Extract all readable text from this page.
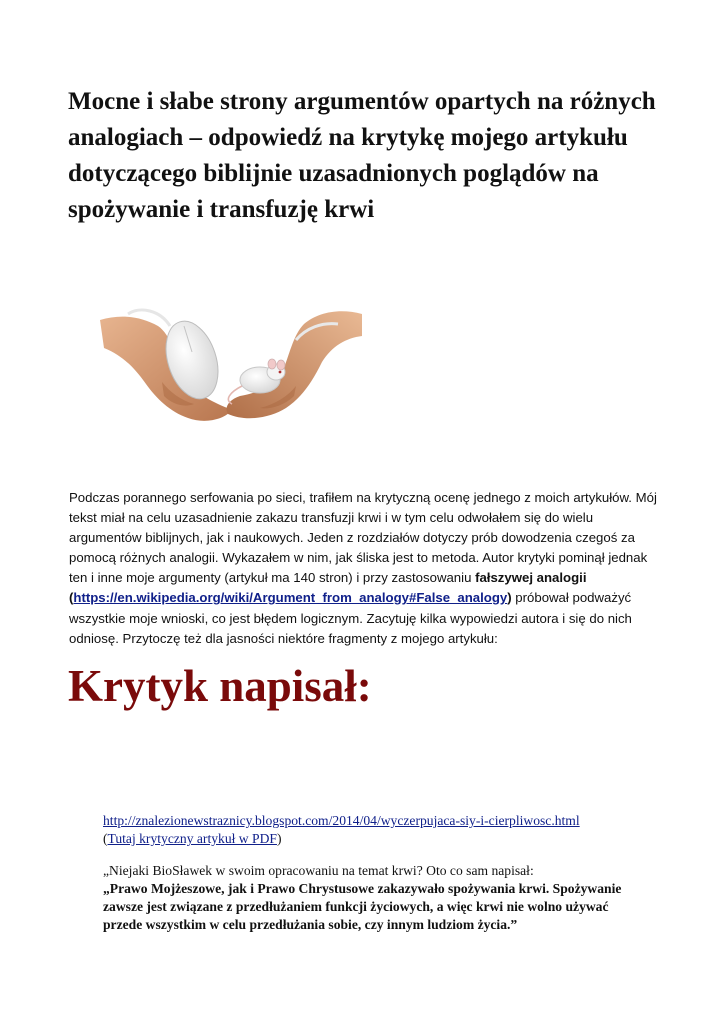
Mocne i słabe strony argumentów opartych na różnych analogiach – odpowiedź na krytykę mojego artykułu dotyczącego biblijnie uzasadnionych poglądów na spożywanie i transfuzję krwi

Podczas porannego serfowania po sieci, trafiłem na krytyczną ocenę jednego z moich artykułów. Mój tekst miał na celu uzasadnienie zakazu transfuzji krwi i w tym celu odwołałem się do wielu argumentów biblijnych, jak i naukowych. Jeden z rozdziałów dotyczy prób dowodzenia czegoś za pomocą różnych analogii. Wykazałem w nim, jak śliska jest to metoda. Autor krytyki pominął jednak ten i inne moje argumenty (artykuł ma 140 stron) i przy zastosowaniu fałszywej analogii (https://en.wikipedia.org/wiki/Argument_from_analogy#False_analogy) próbował podważyć wszystkie moje wnioski, co jest błędem logicznym. Zacytuję kilka wypowiedzi autora i się do nich odniosę. Przytoczę też dla jasności niektóre fragmenty z mojego artykułu:

Krytyk napisał:
http://znalezionewstraznicy.blogspot.com/2014/04/wyczerpujaca-siy-i-cierpliwosc.html
(Tutaj krytyczny artykuł w PDF)

„Niejaki BioSławek w swoim opracowaniu na temat krwi? Oto co sam napisał:
„Prawo Mojżeszowe, jak i Prawo Chrystusowe zakazywało spożywania krwi. Spożywanie zawsze jest związane z przedłużaniem funkcji życiowych, a więc krwi nie wolno używać przede wszystkim w celu przedłużania sobie, czy innym ludziom życia.”
